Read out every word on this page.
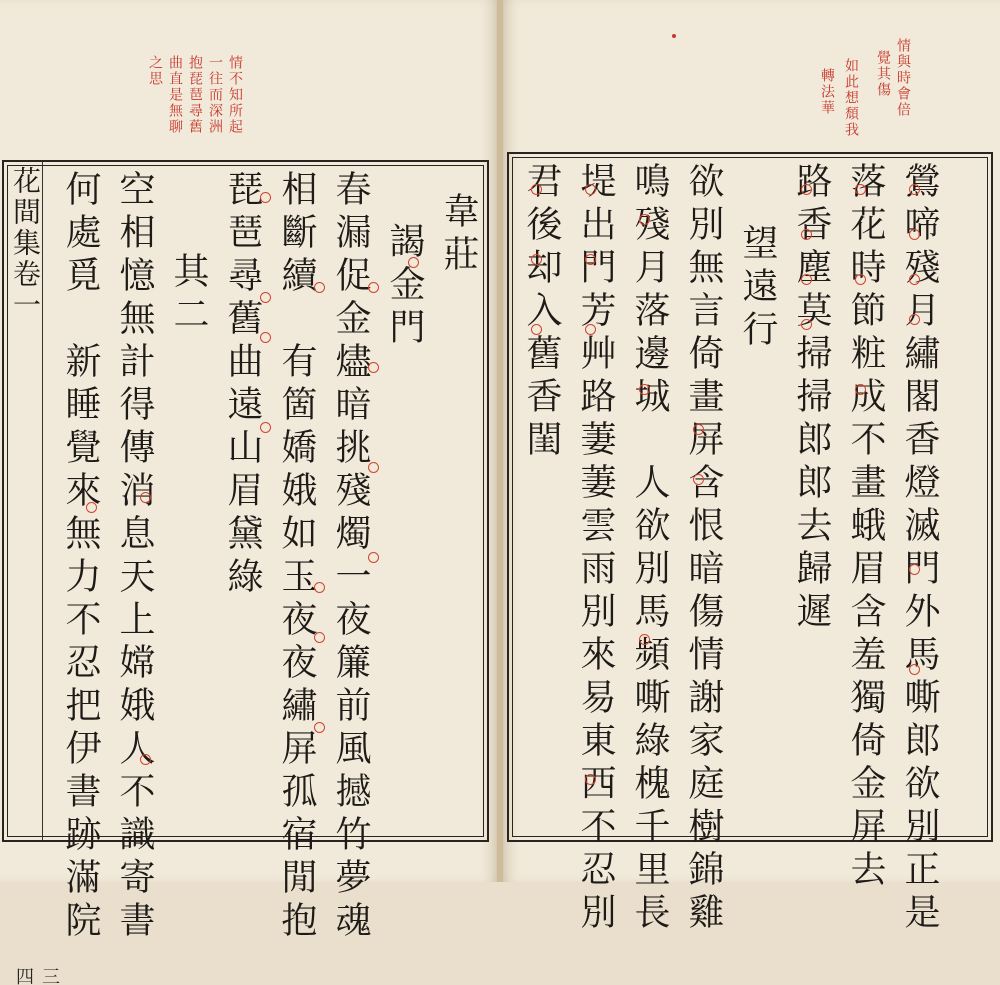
情不知所起
一往而深洲
抱琵琶尋舊
曲直是無聊
之思
花間集卷一
三四
何處覓　新睡覺來無力不忍把伊書跡滿院 空相憶無計得傳消息天上嫦娥人不識寄書 其二 琵琶尋舊曲遠山眉黛綠 相斷續　有箇嬌娥如玉夜夜繡屏孤宿閒抱 春漏促金燼暗挑殘燭一夜簾前風撼竹夢魂 謁金門 韋莊
情與時會倍
覺其傷
如此想頹我
轉法華
君後却入舊香閨 堤出門芳艸路萋萋雲雨別來易東西不忍別 鳴殘月落邊城　人欲別馬頻嘶綠槐千里長 欲別無言倚畫屏含恨暗傷情謝家庭樹錦雞 望遠行 路香塵莫掃掃郎郎去歸遲 落花時節粧成不畫蛾眉含羞獨倚金屏去 鶯啼殘月繡閣香燈滅門外馬嘶郎欲別正是
